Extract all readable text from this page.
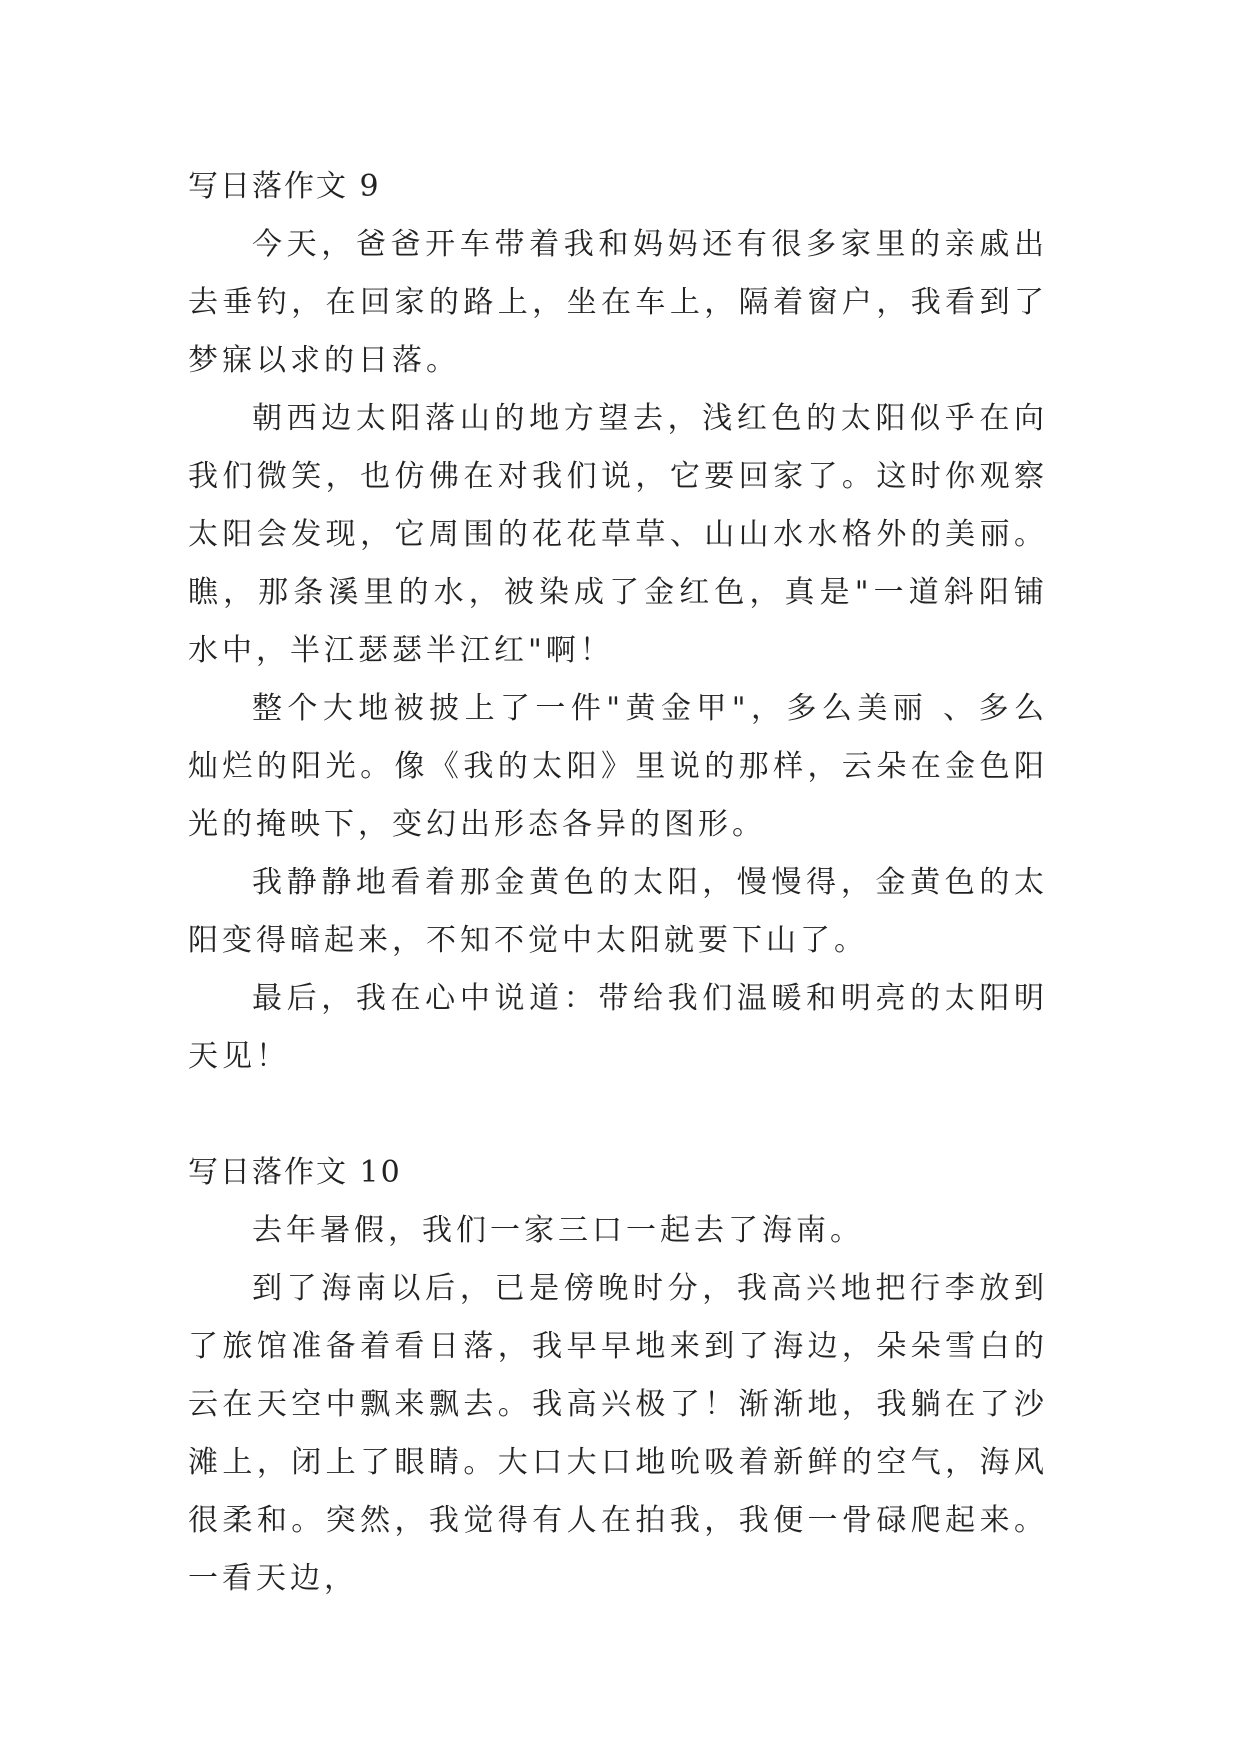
写日落作文 9

今天，爸爸开车带着我和妈妈还有很多家里的亲戚出去垂钓，在回家的路上，坐在车上，隔着窗户，我看到了梦寐以求的日落。

朝西边太阳落山的地方望去，浅红色的太阳似乎在向我们微笑，也仿佛在对我们说，它要回家了。这时你观察太阳会发现，它周围的花花草草、山山水水格外的美丽。瞧，那条溪里的水，被染成了金红色，真是"一道斜阳铺水中，半江瑟瑟半江红"啊！

整个大地被披上了一件"黄金甲"，多么美丽 、多么灿烂的阳光。像《我的太阳》里说的那样，云朵在金色阳光的掩映下，变幻出形态各异的图形。

我静静地看着那金黄色的太阳，慢慢得，金黄色的太阳变得暗起来，不知不觉中太阳就要下山了。

最后，我在心中说道：带给我们温暖和明亮的太阳明天见！

写日落作文 10

去年暑假，我们一家三口一起去了海南。

到了海南以后，已是傍晚时分，我高兴地把行李放到了旅馆准备着看日落，我早早地来到了海边，朵朵雪白的云在天空中飘来飘去。我高兴极了！渐渐地，我躺在了沙滩上，闭上了眼睛。大口大口地吮吸着新鲜的空气，海风很柔和。突然，我觉得有人在拍我，我便一骨碌爬起来。一看天边，
